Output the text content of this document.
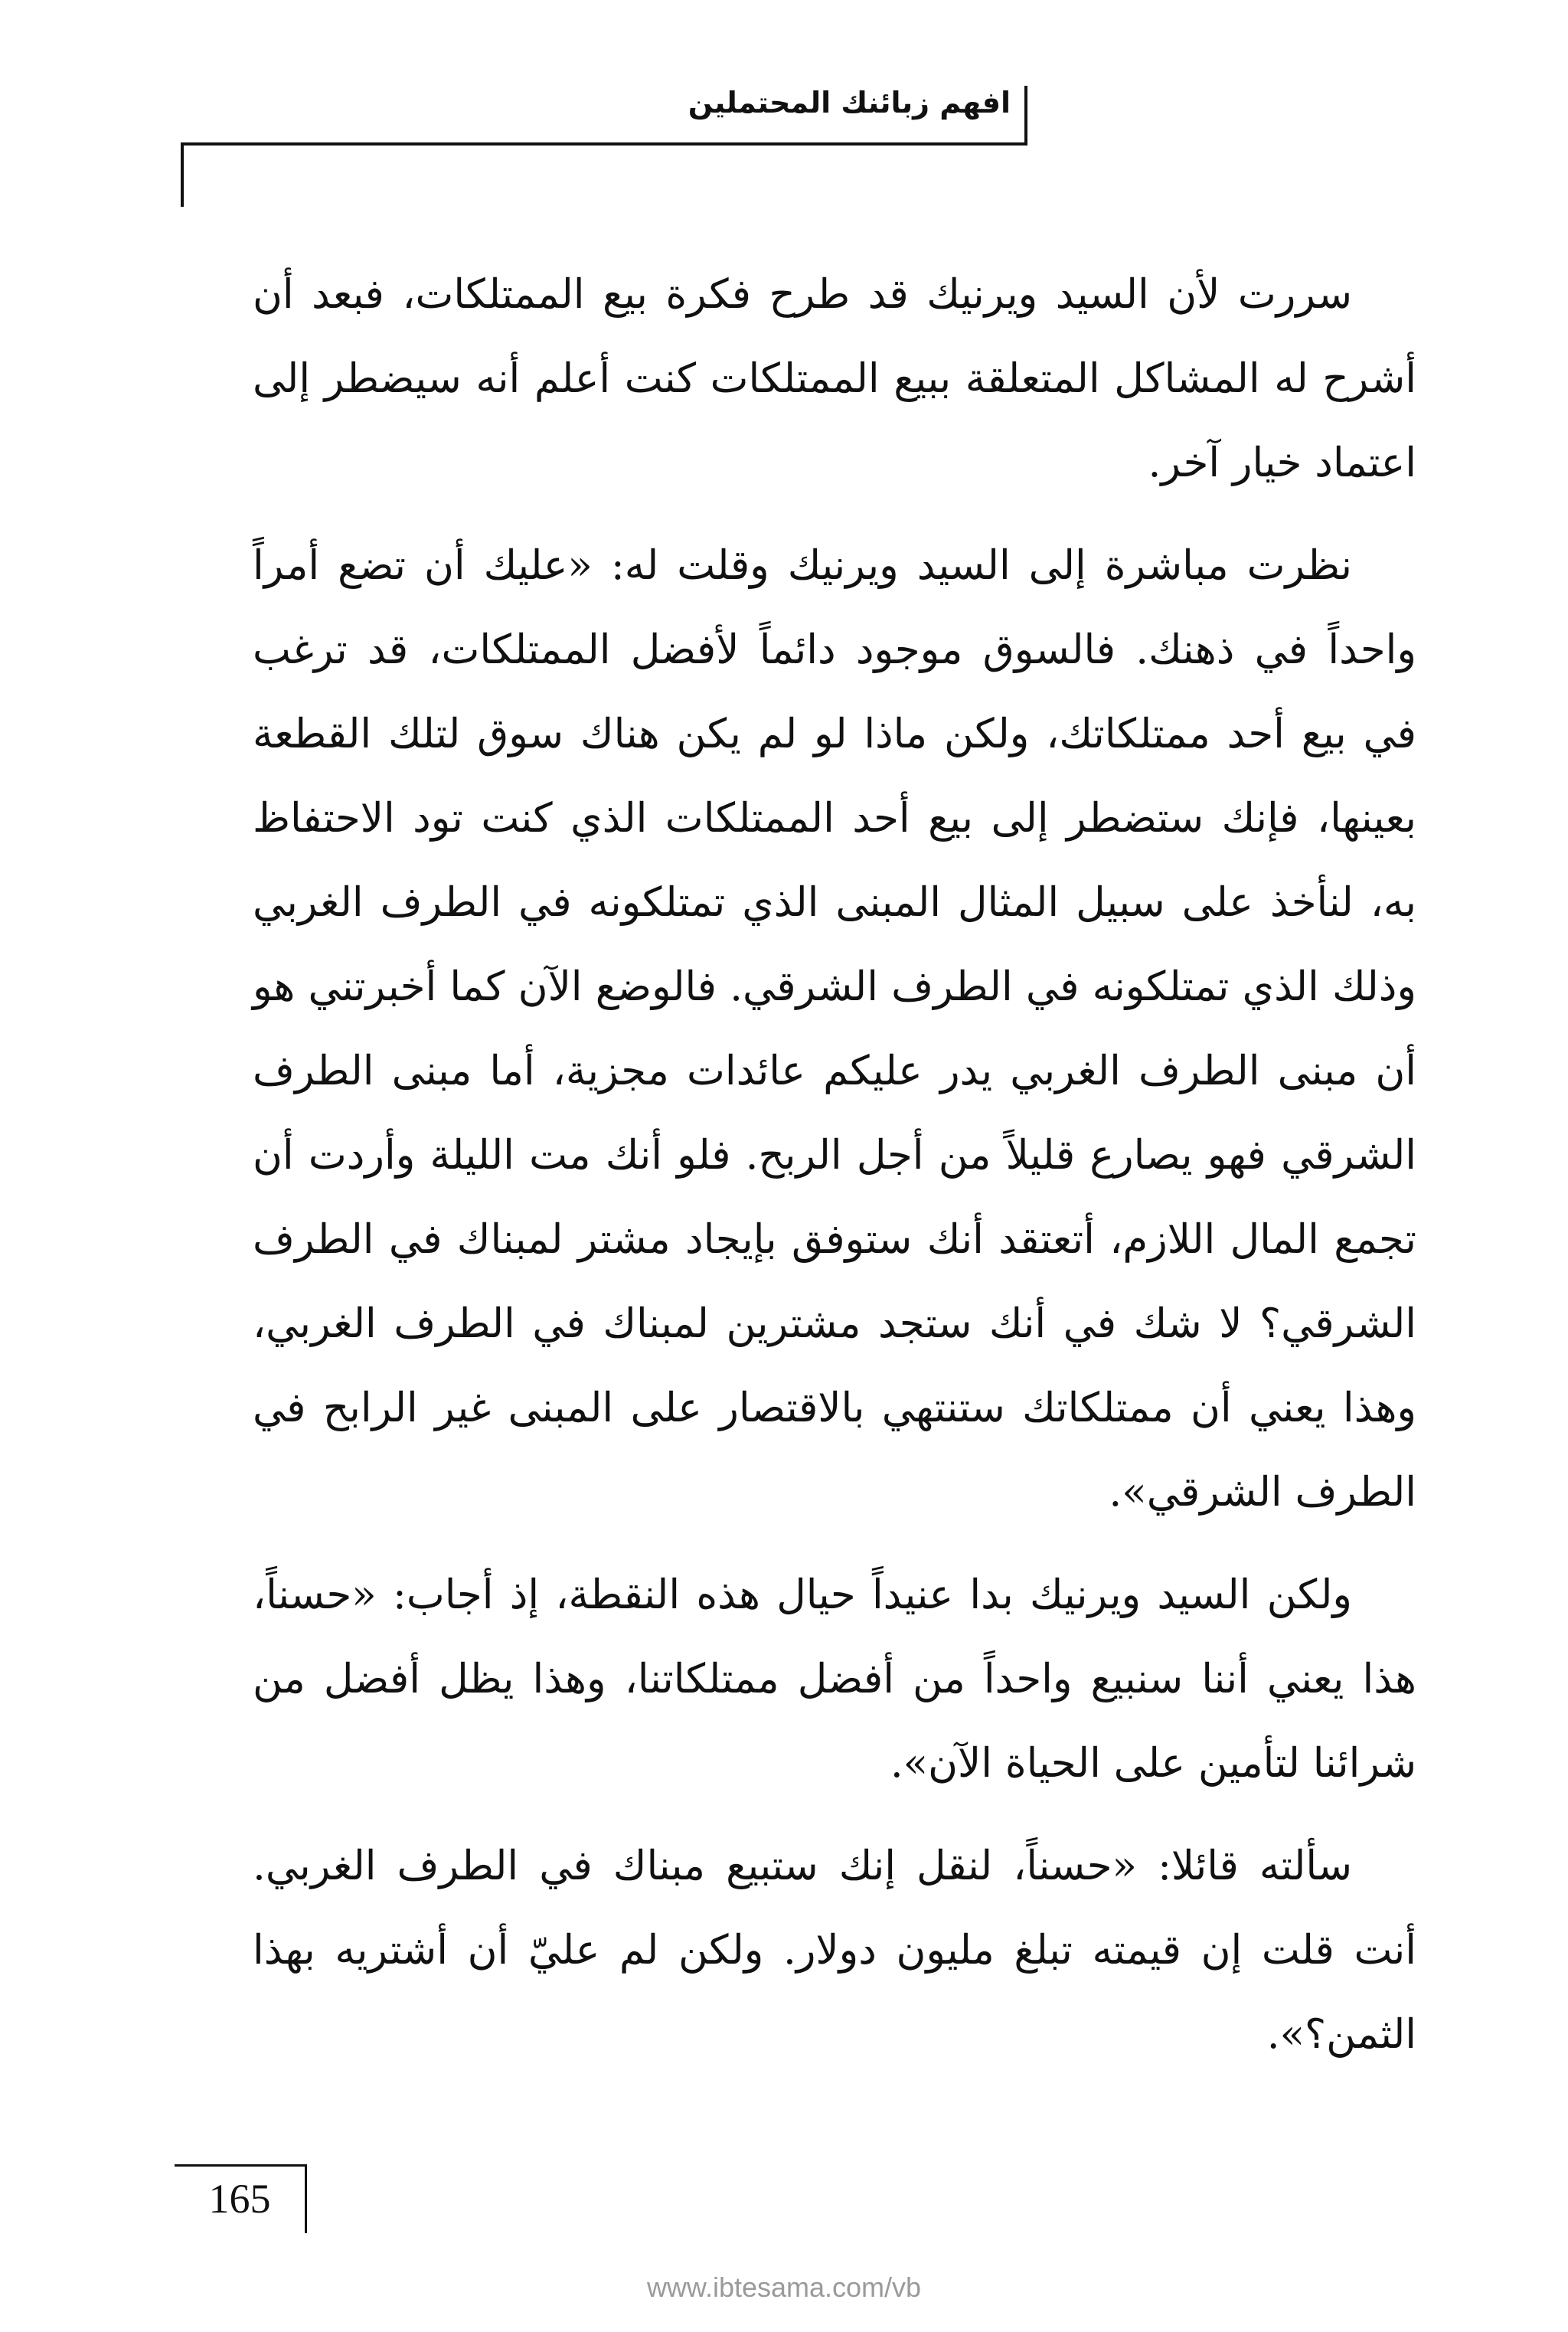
افهم زبائنك المحتملين

سررت لأن السيد ويرنيك قد طرح فكرة بيع الممتلكات، فبعد أن أشرح له المشاكل المتعلقة ببيع الممتلكات كنت أعلم أنه سيضطر إلى اعتماد خيار آخر.

نظرت مباشرة إلى السيد ويرنيك وقلت له: «عليك أن تضع أمراً واحداً في ذهنك. فالسوق موجود دائماً لأفضل الممتلكات، قد ترغب في بيع أحد ممتلكاتك، ولكن ماذا لو لم يكن هناك سوق لتلك القطعة بعينها، فإنك ستضطر إلى بيع أحد الممتلكات الذي كنت تود الاحتفاظ به، لنأخذ على سبيل المثال المبنى الذي تمتلكونه في الطرف الغربي وذلك الذي تمتلكونه في الطرف الشرقي. فالوضع الآن كما أخبرتني هو أن مبنى الطرف الغربي يدر عليكم عائدات مجزية، أما مبنى الطرف الشرقي فهو يصارع قليلاً من أجل الربح. فلو أنك مت الليلة وأردت أن تجمع المال اللازم، أتعتقد أنك ستوفق بإيجاد مشتر لمبناك في الطرف الشرقي؟ لا شك في أنك ستجد مشترين لمبناك في الطرف الغربي، وهذا يعني أن ممتلكاتك ستنتهي بالاقتصار على المبنى غير الرابح في الطرف الشرقي».

ولكن السيد ويرنيك بدا عنيداً حيال هذه النقطة، إذ أجاب: «حسناً، هذا يعني أننا سنبيع واحداً من أفضل ممتلكاتنا، وهذا يظل أفضل من شرائنا لتأمين على الحياة الآن».

سألته قائلا: «حسناً، لنقل إنك ستبيع مبناك في الطرف الغربي. أنت قلت إن قيمته تبلغ مليون دولار. ولكن لم عليّ أن أشتريه بهذا الثمن؟».

165
www.ibtesama.com/vb
